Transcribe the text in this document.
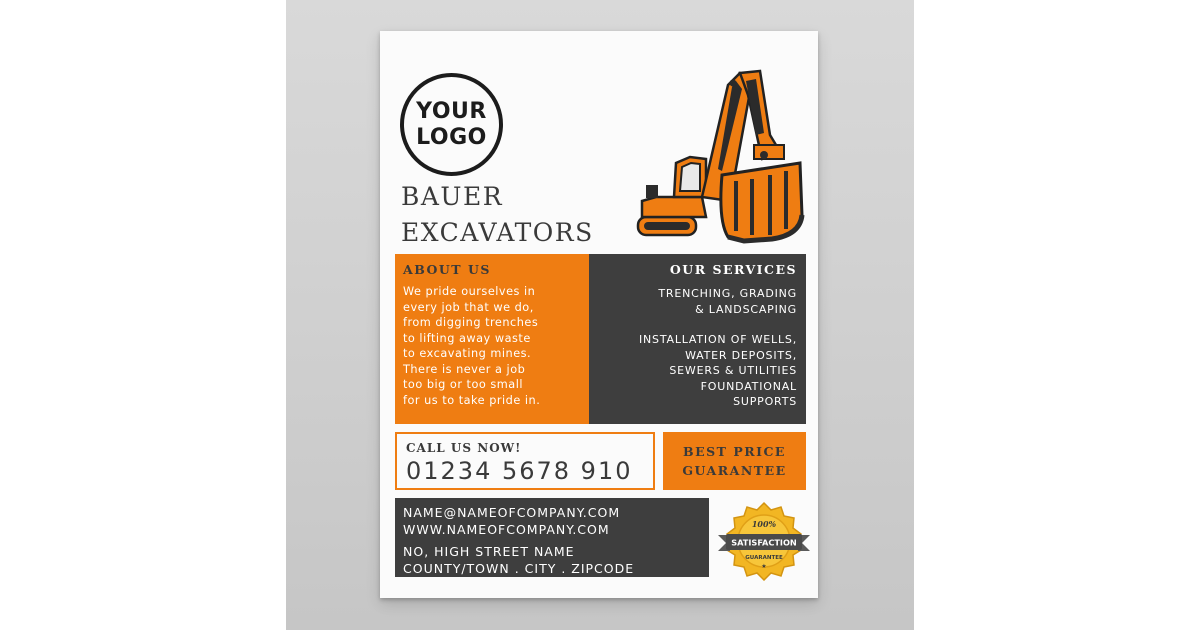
YOUR
LOGO
BAUER
EXCAVATORS
ABOUT US

We pride ourselves in
every job that we do,
from digging trenches
to lifting away waste
to excavating mines.
There is never a job
too big or too small
for us to take pride in.

OUR SERVICES
TRENCHING, GRADING
& LANDSCAPING
INSTALLATION OF WELLS,
WATER DEPOSITS,
SEWERS & UTILITIES
FOUNDATIONAL
SUPPORTS
CALL US NOW!
01234 5678 910
BEST PRICE
GUARANTEE
NAME@NAMEOFCOMPANY.COM
WWW.NAMEOFCOMPANY.COM
NO, HIGH STREET NAME
COUNTY/TOWN . CITY . ZIPCODE
100%
SATISFACTION
GUARANTEE
★
